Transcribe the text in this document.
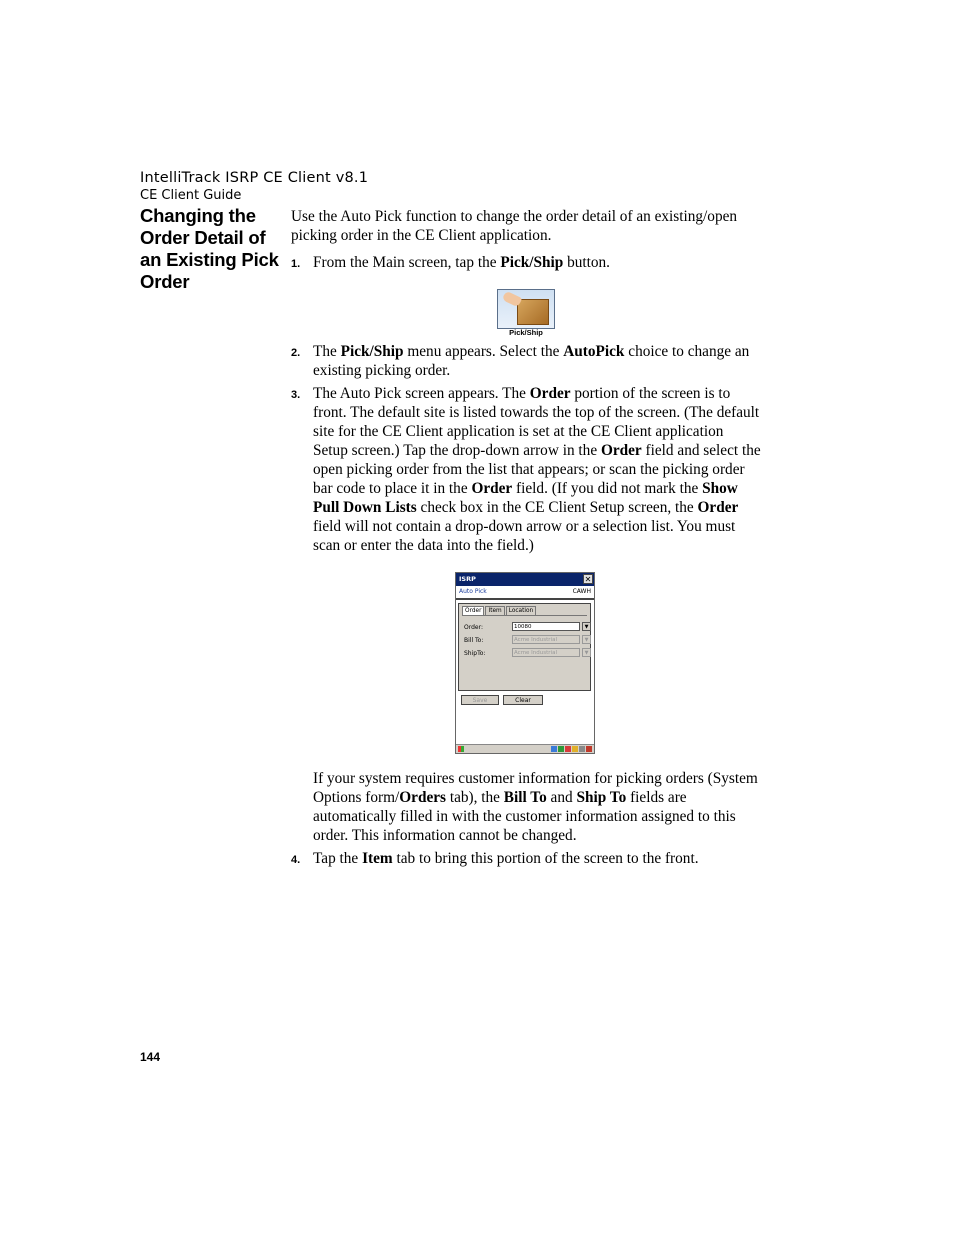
IntelliTrack ISRP CE Client v8.1
CE Client Guide
Changing the Order Detail of an Existing Pick Order

Use the Auto Pick function to change the order detail of an existing/open picking order in the CE Client application.

1. From the Main screen, tap the Pick/Ship button.

2. The Pick/Ship menu appears. Select the AutoPick choice to change an existing picking order.

3. The Auto Pick screen appears. The Order portion of the screen is to front. The default site is listed towards the top of the screen. (The default site for the CE Client application is set at the CE Client application Setup screen.) Tap the drop-down arrow in the Order field and select the open picking order from the list that appears; or scan the picking order bar code to place it in the Order field. (If you did not mark the Show Pull Down Lists check box in the CE Client Setup screen, the Order field will not contain a drop-down arrow or a selection list. You must scan or enter the data into the field.)

If your system requires customer information for picking orders (System Options form/Orders tab), the Bill To and Ship To fields are automatically filled in with the customer information assigned to this order. This information cannot be changed.

4. Tap the Item tab to bring this portion of the screen to the front.

Pick/Ship
ISRP	✕
Auto Pick	CAWH
Order	Item	Location
Order:	10080	▼
Bill To:	Acme Industrial	▼
ShipTo:	Acme Industrial	▼
Save	Clear
144
